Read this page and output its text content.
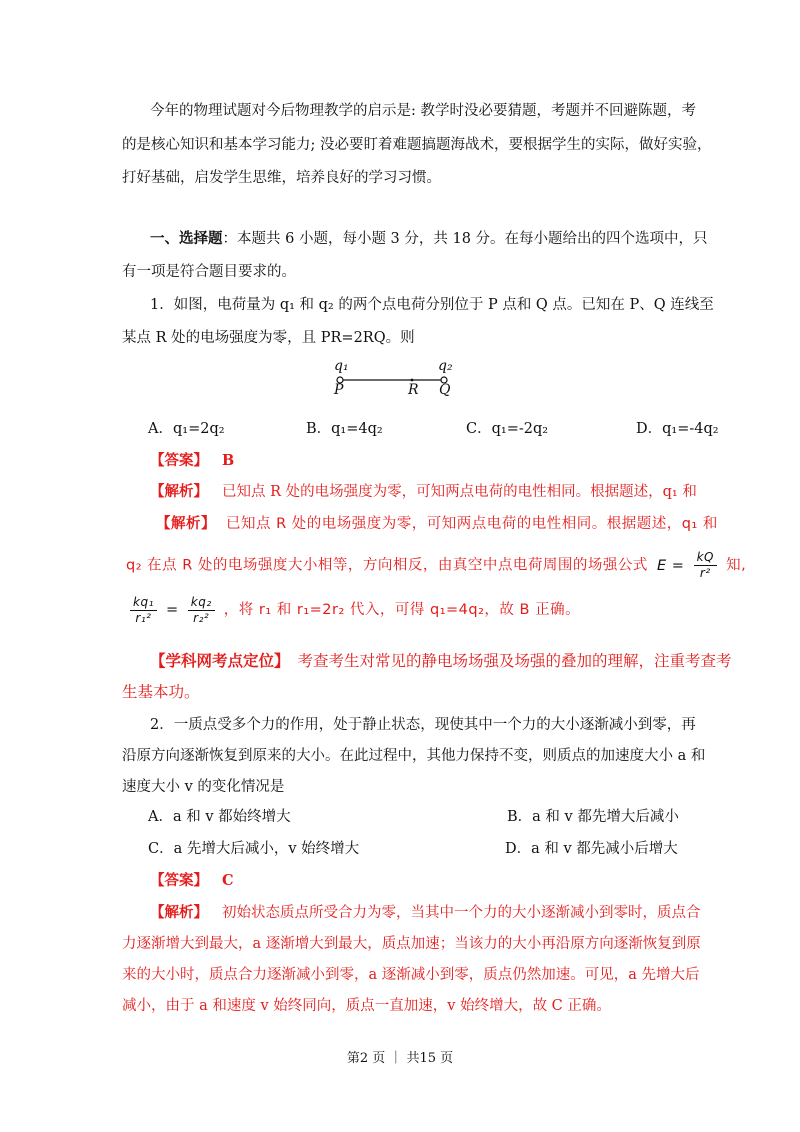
今年的物理试题对今后物理教学的启示是: 教学时没必要猜题，考题并不回避陈题，考
的是核心知识和基本学习能力; 没必要盯着难题搞题海战术，要根据学生的实际，做好实验，
打好基础，启发学生思维，培养良好的学习习惯。
一、选择题：本题共 6 小题，每小题 3 分，共 18 分。在每小题给出的四个选项中，只
有一项是符合题目要求的。
1．如图，电荷量为 q₁ 和 q₂ 的两个点电荷分别位于 P 点和 Q 点。已知在 P、Q 连线至
某点 R 处的电场强度为零，且 PR=2RQ。则
q₁	q₂
P	R Q
A．q₁=2q₂	B．q₁=4q₂	C．q₁=-2q₂	D．q₁=-4q₂
【答案】 B
【解析】 已知点 R 处的电场强度为零，可知两点电荷的电性相同。根据题述，q₁ 和
【解析】 已知点 R 处的电场强度为零，可知两点电荷的电性相同。根据题述，q₁ 和
q₂ 在点 R 处的电场强度大小相等，方向相反，由真空中点电荷周围的场强公式 $E = \frac{kQ}{\text{r²}}$ 知,
$\frac{\text{kq₁}}{\text{r₁²}} = \frac{\text{kq₂}}{\text{r₂²}}$ ，将 r₁ 和 r₁=2r₂ 代入，可得 q₁=4q₂，故 B 正确。
【学科网考点定位】 考查考生对常见的静电场场强及场强的叠加的理解，注重考查考
生基本功。
2．一质点受多个力的作用，处于静止状态，现使其中一个力的大小逐渐减小到零，再
沿原方向逐渐恢复到原来的大小。在此过程中，其他力保持不变，则质点的加速度大小 a 和
速度大小 v 的变化情况是
A．a 和 v 都始终增大	B．a 和 v 都先增大后减小
C．a 先增大后减小，v 始终增大	D．a 和 v 都先减小后增大
【答案】 C
【解析】 初始状态质点所受合力为零，当其中一个力的大小逐渐减小到零时，质点合
力逐渐增大到最大，a 逐渐增大到最大，质点加速；当该力的大小再沿原方向逐渐恢复到原
来的大小时，质点合力逐渐减小到零，a 逐渐减小到零，质点仍然加速。可见，a 先增大后
减小，由于 a 和速度 v 始终同向，质点一直加速，v 始终增大，故 C 正确。
第2 页 ｜ 共15 页
